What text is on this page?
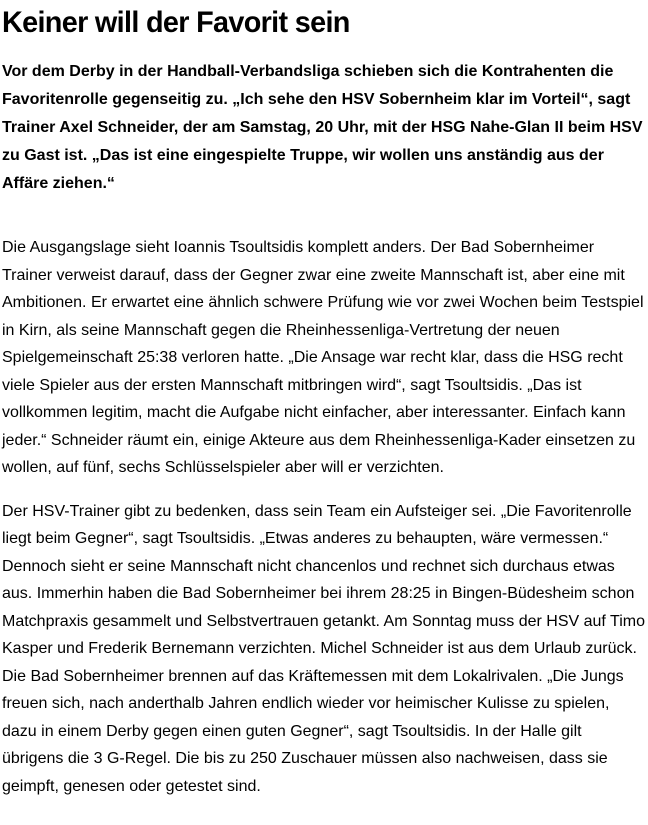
Keiner will der Favorit sein

Vor dem Derby in der Handball-Verbandsliga schieben sich die Kontrahenten die Favoritenrolle gegenseitig zu. „Ich sehe den HSV Sobernheim klar im Vorteil“, sagt Trainer Axel Schneider, der am Samstag, 20 Uhr, mit der HSG Nahe-Glan II beim HSV zu Gast ist. „Das ist eine eingespielte Truppe, wir wollen uns anständig aus der Affäre ziehen.“

Die Ausgangslage sieht Ioannis Tsoultsidis komplett anders. Der Bad Sobernheimer Trainer verweist darauf, dass der Gegner zwar eine zweite Mannschaft ist, aber eine mit Ambitionen. Er erwartet eine ähnlich schwere Prüfung wie vor zwei Wochen beim Testspiel in Kirn, als seine Mannschaft gegen die Rheinhessenliga-Vertretung der neuen Spielgemeinschaft 25:38 verloren hatte. „Die Ansage war recht klar, dass die HSG recht viele Spieler aus der ersten Mannschaft mitbringen wird“, sagt Tsoultsidis. „Das ist vollkommen legitim, macht die Aufgabe nicht einfacher, aber interessanter. Einfach kann jeder.“ Schneider räumt ein, einige Akteure aus dem Rheinhessenliga-Kader einsetzen zu wollen, auf fünf, sechs Schlüsselspieler aber will er verzichten.

Der HSV-Trainer gibt zu bedenken, dass sein Team ein Aufsteiger sei. „Die Favoritenrolle liegt beim Gegner“, sagt Tsoultsidis. „Etwas anderes zu behaupten, wäre vermessen.“ Dennoch sieht er seine Mannschaft nicht chancenlos und rechnet sich durchaus etwas aus. Immerhin haben die Bad Sobernheimer bei ihrem 28:25 in Bingen-Büdesheim schon Matchpraxis gesammelt und Selbstvertrauen getankt. Am Sonntag muss der HSV auf Timo Kasper und Frederik Bernemann verzichten. Michel Schneider ist aus dem Urlaub zurück. Die Bad Sobernheimer brennen auf das Kräftemessen mit dem Lokalrivalen. „Die Jungs freuen sich, nach anderthalb Jahren endlich wieder vor heimischer Kulisse zu spielen, dazu in einem Derby gegen einen guten Gegner“, sagt Tsoultsidis. In der Halle gilt übrigens die 3 G-Regel. Die bis zu 250 Zuschauer müssen also nachweisen, dass sie geimpft, genesen oder getestet sind.
